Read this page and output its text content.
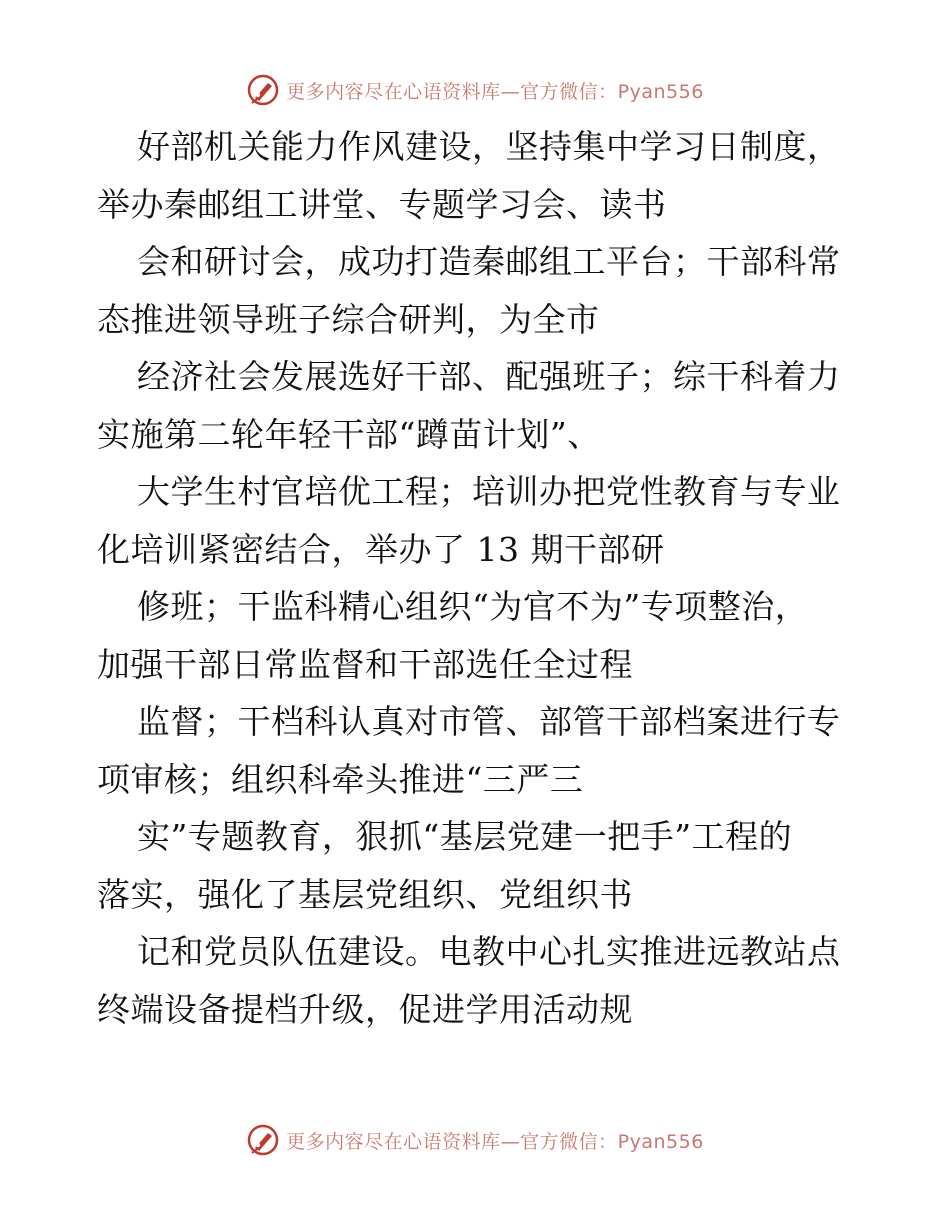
更多内容尽在心语资料库—官方微信：Pyan556
好部机关能力作风建设，坚持集中学习日制度，
举办秦邮组工讲堂、专题学习会、读书
会和研讨会，成功打造秦邮组工平台；干部科常
态推进领导班子综合研判，为全市
经济社会发展选好干部、配强班子；综干科着力
实施第二轮年轻干部“蹲苗计划”、
大学生村官培优工程；培训办把党性教育与专业
化培训紧密结合，举办了 13 期干部研
修班；干监科精心组织“为官不为”专项整治，
加强干部日常监督和干部选任全过程
监督；干档科认真对市管、部管干部档案进行专
项审核；组织科牵头推进“三严三
实”专题教育，狠抓“基层党建一把手”工程的
落实，强化了基层党组织、党组织书
记和党员队伍建设。电教中心扎实推进远教站点
终端设备提档升级，促进学用活动规
更多内容尽在心语资料库—官方微信：Pyan556
